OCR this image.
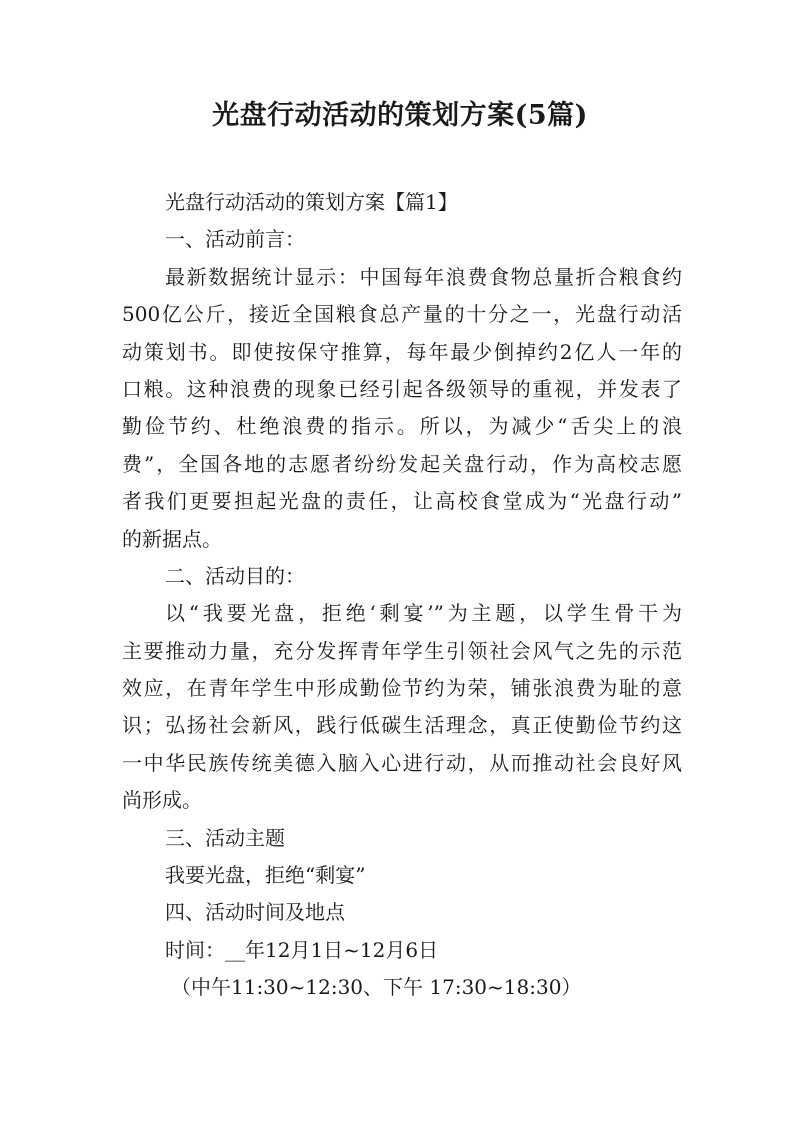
光盘行动活动的策划方案(5篇)
光盘行动活动的策划方案【篇1】
一、活动前言：
最新数据统计显示：中国每年浪费食物总量折合粮食约
500亿公斤，接近全国粮食总产量的十分之一，光盘行动活
动策划书。即使按保守推算，每年最少倒掉约2亿人一年的
口粮。这种浪费的现象已经引起各级领导的重视，并发表了
勤俭节约、杜绝浪费的指示。所以，为减少“舌尖上的浪
费”，全国各地的志愿者纷纷发起关盘行动，作为高校志愿
者我们更要担起光盘的责任，让高校食堂成为“光盘行动”
的新据点。
二、活动目的：
以“我要光盘，拒绝‘剩宴’”为主题，以学生骨干为
主要推动力量，充分发挥青年学生引领社会风气之先的示范
效应，在青年学生中形成勤俭节约为荣，铺张浪费为耻的意
识；弘扬社会新风，践行低碳生活理念，真正使勤俭节约这
一中华民族传统美德入脑入心进行动，从而推动社会良好风
尚形成。
三、活动主题
我要光盘，拒绝“剩宴”
四、活动时间及地点
时间：__年12月1日~12月6日
（中午11:30~12:30、下午 17:30~18:30）
